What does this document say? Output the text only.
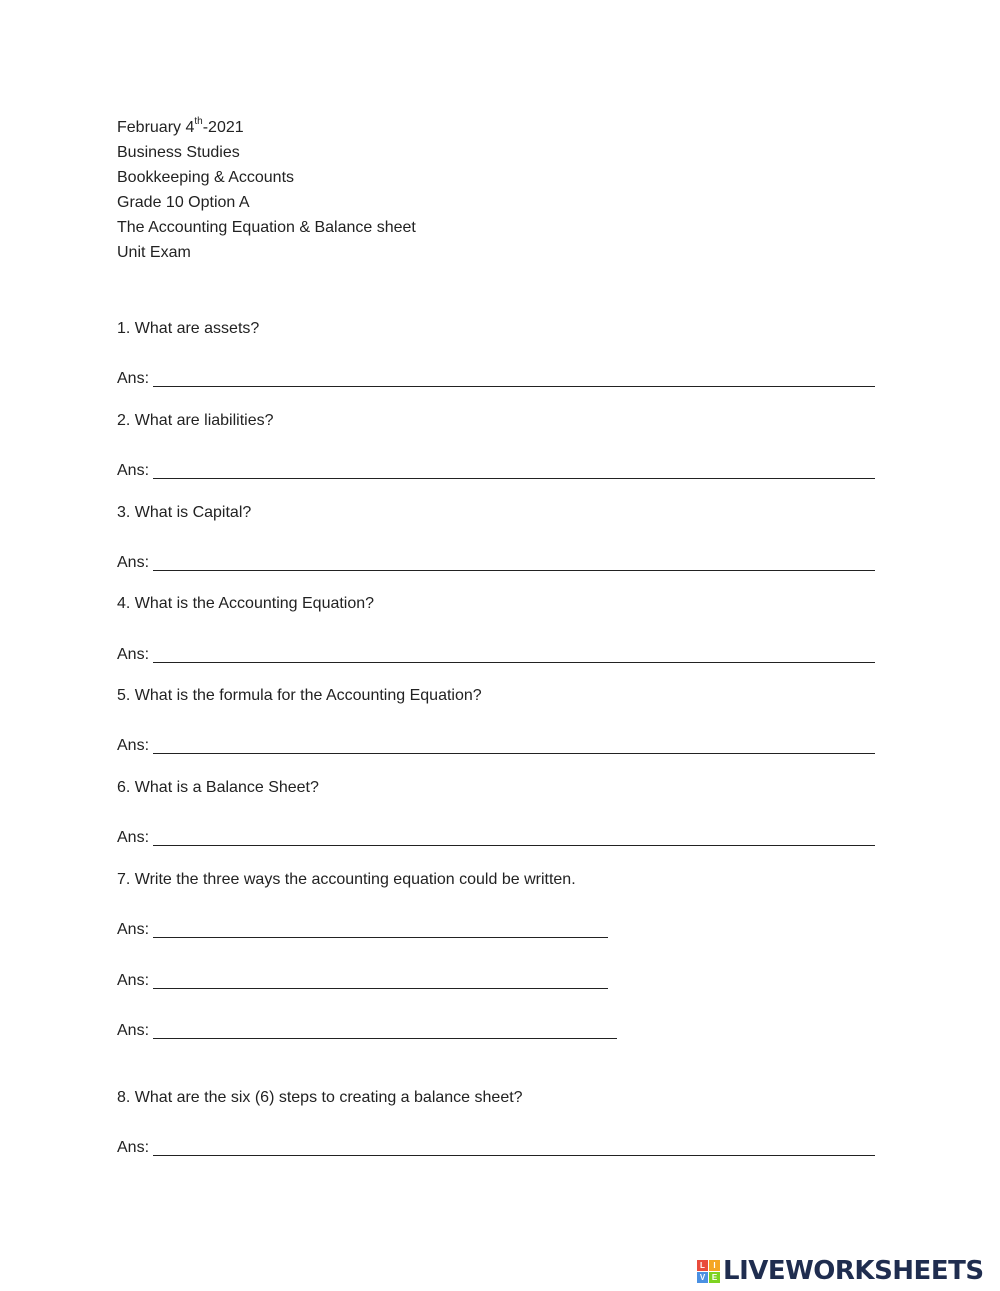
February 4th-2021
Business Studies
Bookkeeping & Accounts
Grade 10 Option A
The Accounting Equation & Balance sheet
Unit Exam
1. What are assets?
Ans:
2. What are liabilities?
Ans:
3. What is Capital?
Ans:
4. What is the Accounting Equation?
Ans:
5. What is the formula for the Accounting Equation?
Ans:
6. What is a Balance Sheet?
Ans:
7. Write the three ways the accounting equation could be written.
Ans:
Ans:
Ans:
8. What are the six (6) steps to creating a balance sheet?
Ans:
L	I
V E LIVEWORKSHEETS
